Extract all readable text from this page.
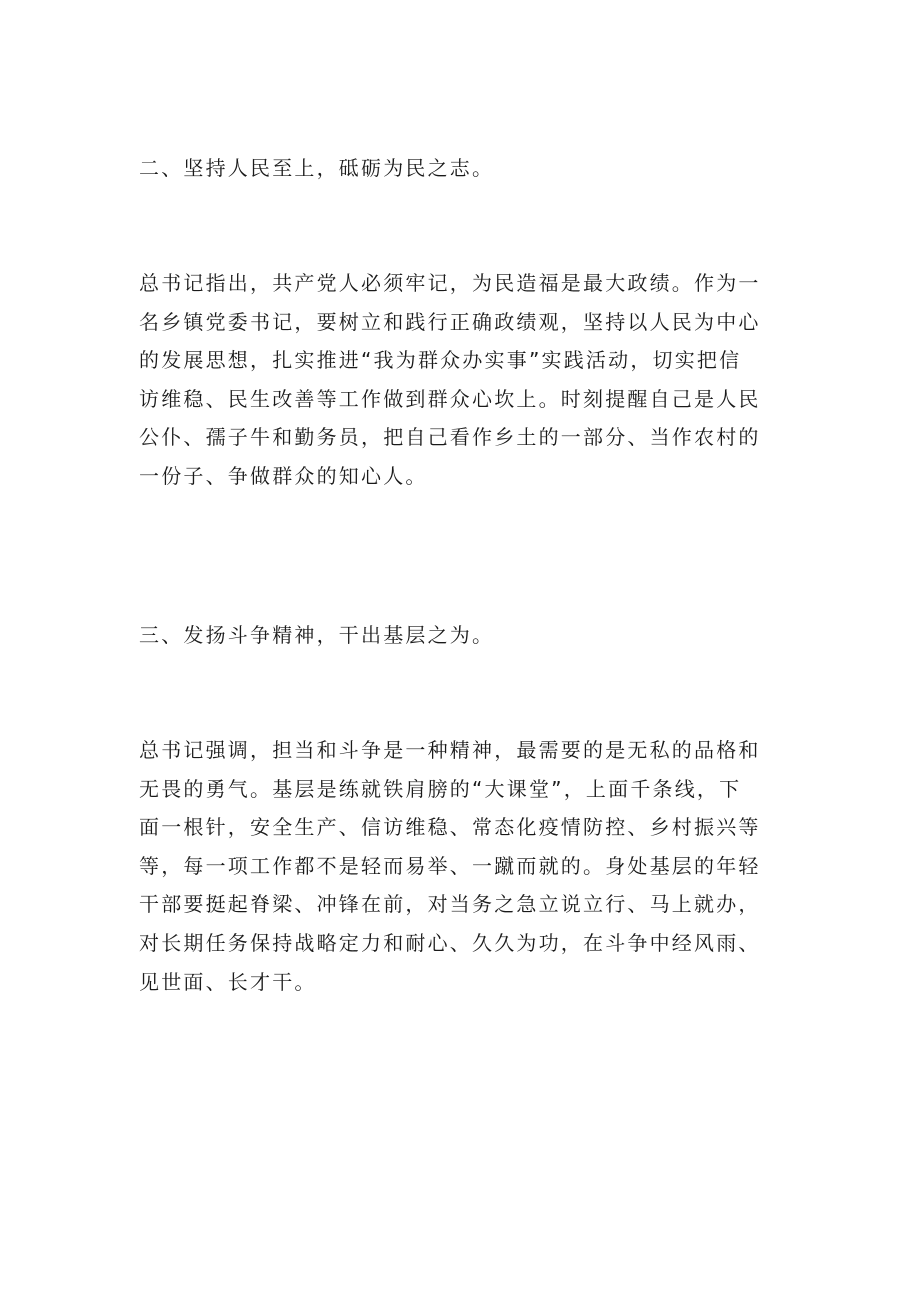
二、坚持人民至上，砥砺为民之志。
总书记指出，共产党人必须牢记，为民造福是最大政绩。作为一
名乡镇党委书记，要树立和践行正确政绩观，坚持以人民为中心
的发展思想，扎实推进“我为群众办实事”实践活动，切实把信
访维稳、民生改善等工作做到群众心坎上。时刻提醒自己是人民
公仆、孺子牛和勤务员，把自己看作乡土的一部分、当作农村的
一份子、争做群众的知心人。
三、发扬斗争精神，干出基层之为。
总书记强调，担当和斗争是一种精神，最需要的是无私的品格和
无畏的勇气。基层是练就铁肩膀的“大课堂”，上面千条线，下
面一根针，安全生产、信访维稳、常态化疫情防控、乡村振兴等
等，每一项工作都不是轻而易举、一蹴而就的。身处基层的年轻
干部要挺起脊梁、冲锋在前，对当务之急立说立行、马上就办，
对长期任务保持战略定力和耐心、久久为功，在斗争中经风雨、
见世面、长才干。
